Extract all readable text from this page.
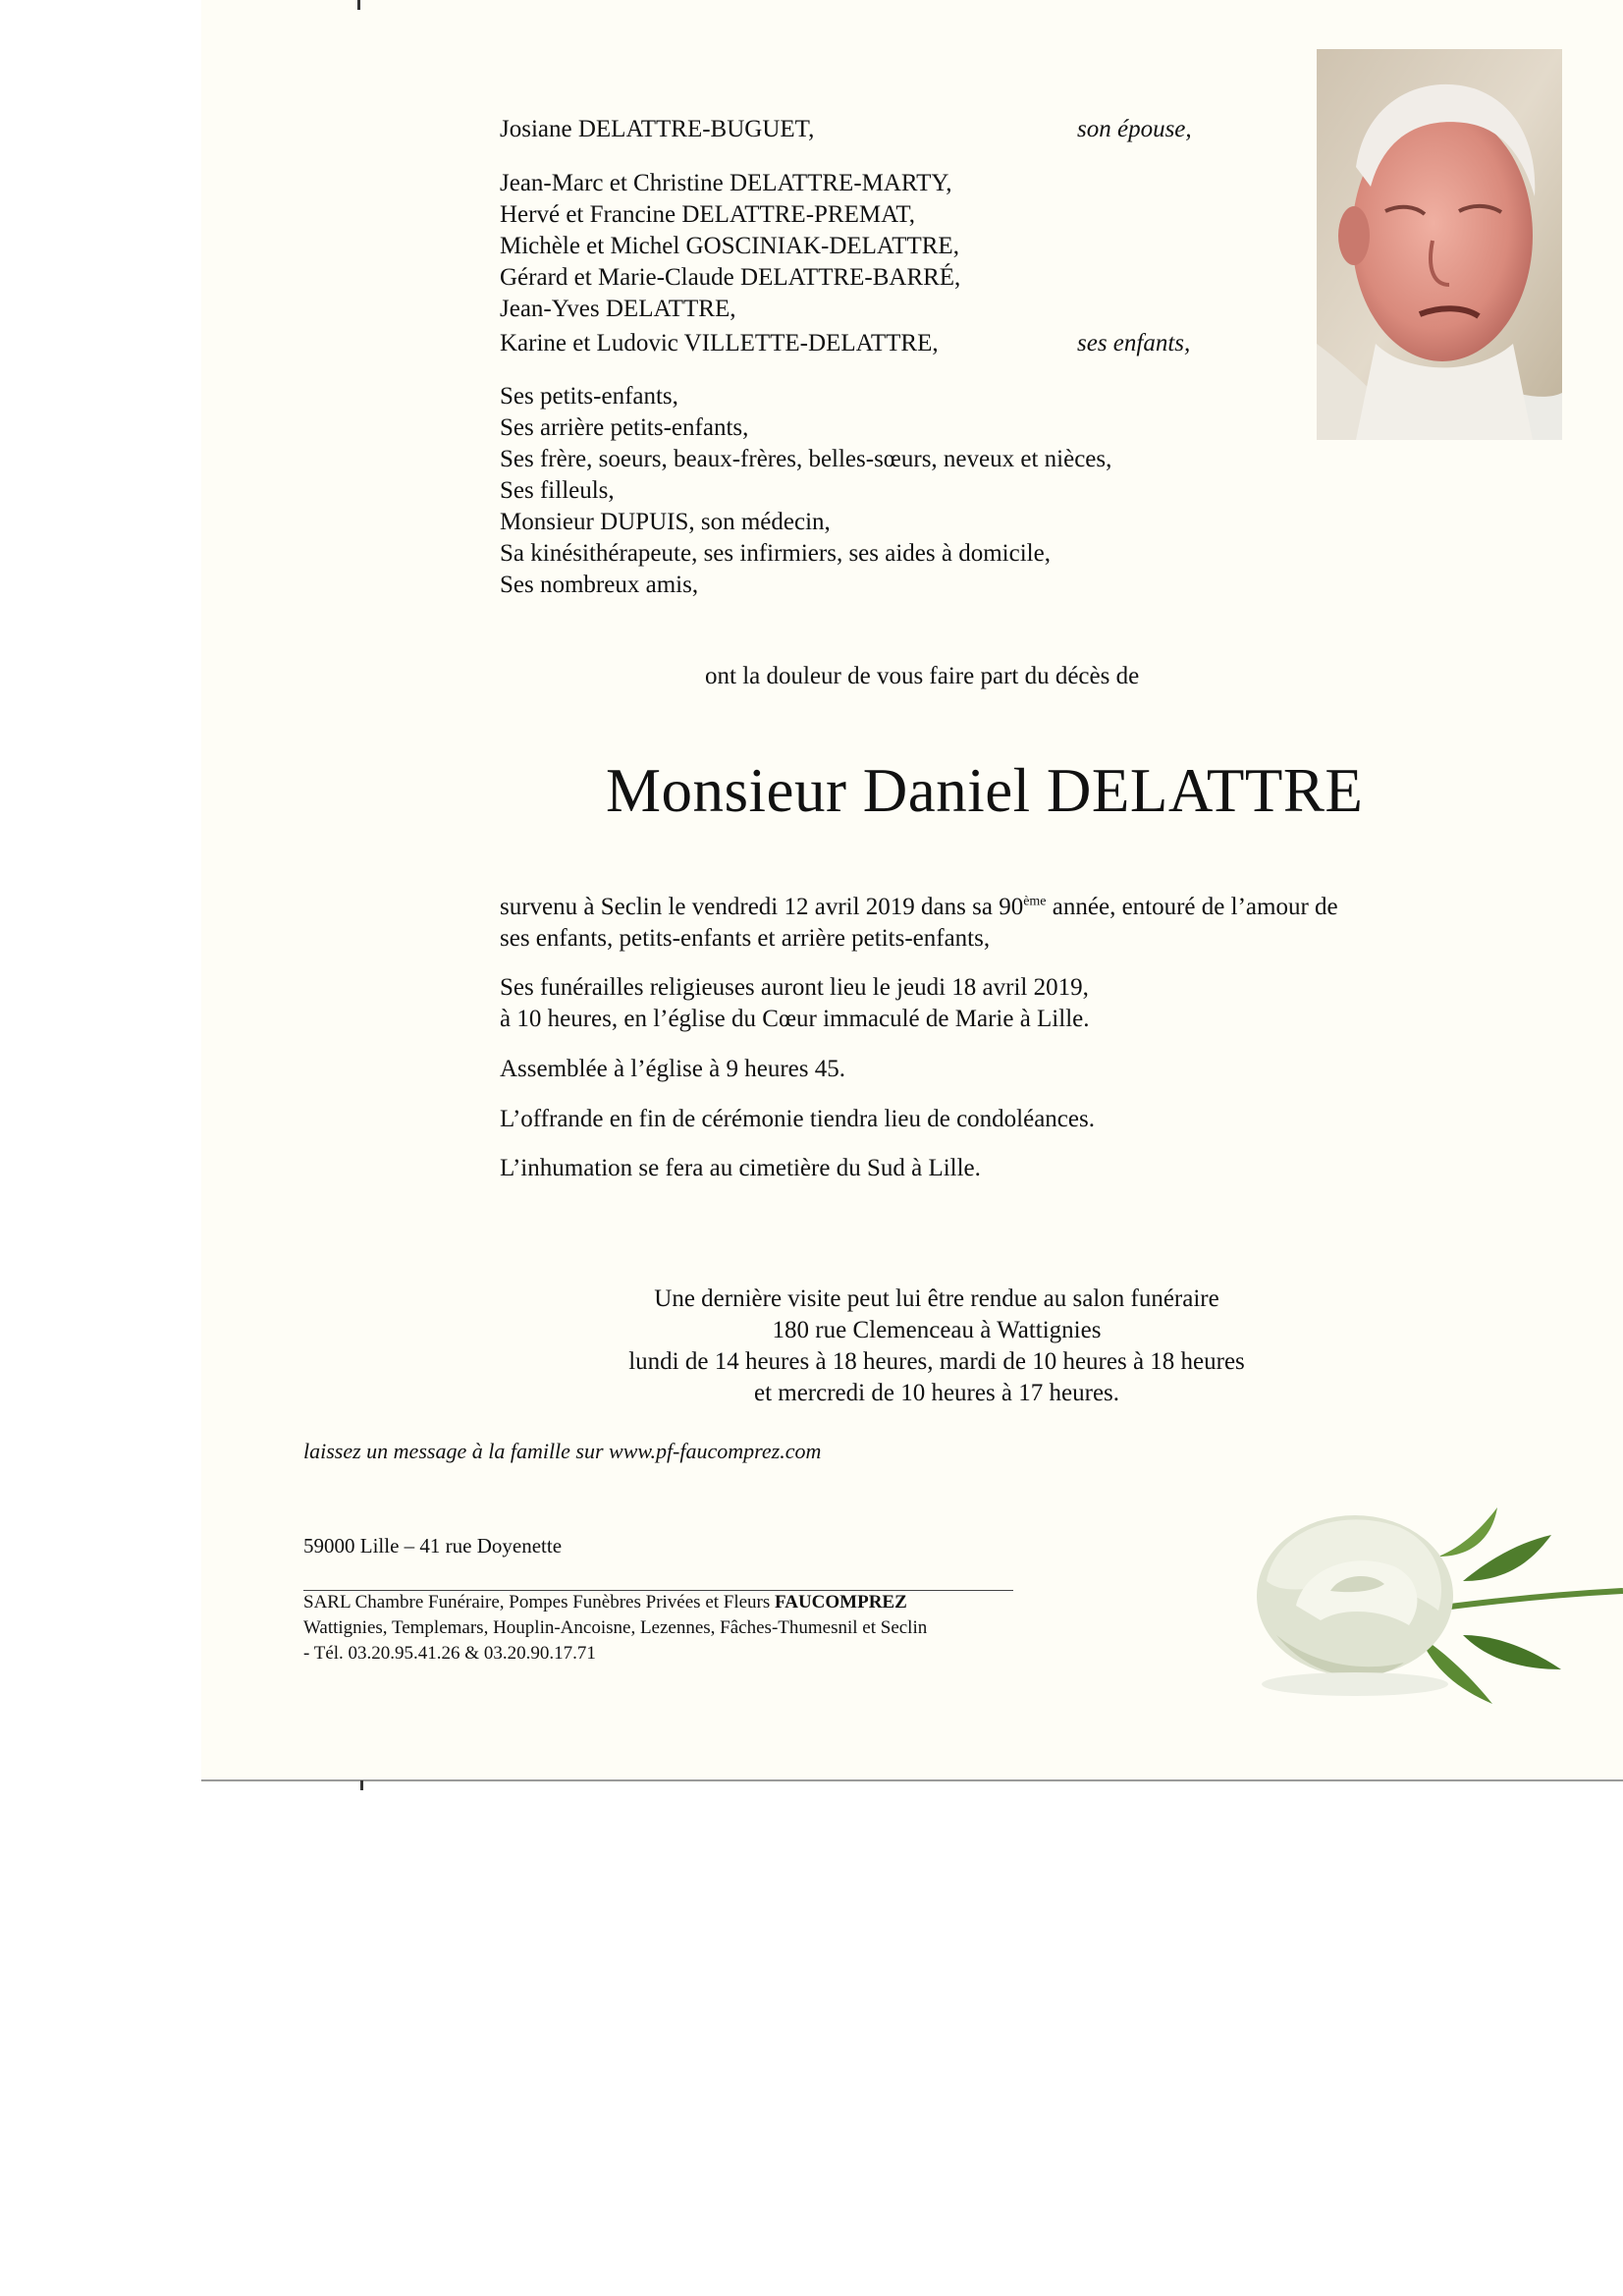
Josiane DELATTRE-BUGUET,	son épouse,
Jean-Marc et Christine DELATTRE-MARTY,
Hervé et Francine DELATTRE-PREMAT,
Michèle et Michel GOSCINIAK-DELATTRE,
Gérard et Marie-Claude DELATTRE-BARRÉ,
Jean-Yves DELATTRE,
Karine et Ludovic VILLETTE-DELATTRE,	ses enfants,
Ses petits-enfants,
Ses arrière petits-enfants,
Ses frère, soeurs, beaux-frères, belles-sœurs, neveux et nièces,
Ses filleuls,
Monsieur DUPUIS, son médecin,
Sa kinésithérapeute, ses infirmiers, ses aides à domicile,
Ses nombreux amis,
ont la douleur de vous faire part du décès de
Monsieur Daniel DELATTRE
survenu à Seclin le vendredi 12 avril 2019 dans sa 90ème année, entouré de l’amour de
ses enfants, petits-enfants et arrière petits-enfants,
Ses funérailles religieuses auront lieu le jeudi 18 avril 2019,
à 10 heures, en l’église du Cœur immaculé de Marie à Lille.
Assemblée à l’église à 9 heures 45.
L’offrande en fin de cérémonie tiendra lieu de condoléances.
L’inhumation se fera au cimetière du Sud à Lille.
Une dernière visite peut lui être rendue au salon funéraire
180 rue Clemenceau à Wattignies
lundi de 14 heures à 18 heures, mardi de 10 heures à 18 heures
et mercredi de 10 heures à 17 heures.
laissez un message à la famille sur www.pf-faucomprez.com
59000 Lille – 41 rue Doyenette
SARL Chambre Funéraire, Pompes Funèbres Privées et Fleurs FAUCOMPREZ
Wattignies, Templemars, Houplin-Ancoisne, Lezennes, Fâches-Thumesnil et Seclin
- Tél. 03.20.95.41.26 & 03.20.90.17.71
